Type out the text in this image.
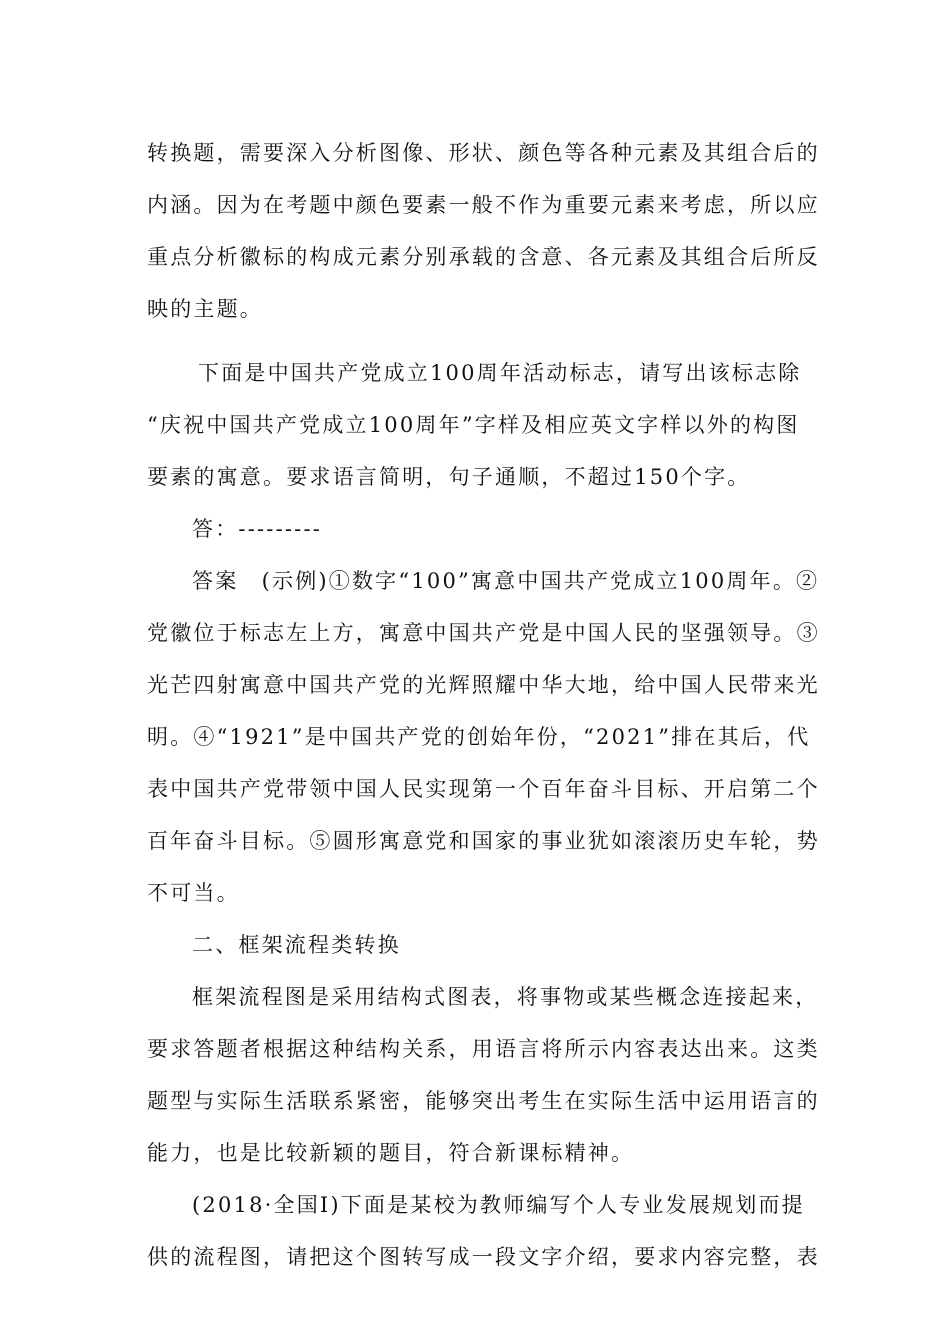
转换题，需要深入分析图像、形状、颜色等各种元素及其组合后的
内涵。因为在考题中颜色要素一般不作为重要元素来考虑，所以应
重点分析徽标的构成元素分别承载的含意、各元素及其组合后所反
映的主题。
下面是中国共产党成立100周年活动标志，请写出该标志除
“庆祝中国共产党成立100周年”字样及相应英文字样以外的构图
要素的寓意。要求语言简明，句子通顺，不超过150个字。
答：---------
答案　(示例)①数字“100”寓意中国共产党成立100周年。②
党徽位于标志左上方，寓意中国共产党是中国人民的坚强领导。③
光芒四射寓意中国共产党的光辉照耀中华大地，给中国人民带来光
明。④“1921”是中国共产党的创始年份，“2021”排在其后，代
表中国共产党带领中国人民实现第一个百年奋斗目标、开启第二个
百年奋斗目标。⑤圆形寓意党和国家的事业犹如滚滚历史车轮，势
不可当。
二、框架流程类转换
框架流程图是采用结构式图表，将事物或某些概念连接起来，
要求答题者根据这种结构关系，用语言将所示内容表达出来。这类
题型与实际生活联系紧密，能够突出考生在实际生活中运用语言的
能力，也是比较新颖的题目，符合新课标精神。
(2018·全国Ⅰ)下面是某校为教师编写个人专业发展规划而提
供的流程图，请把这个图转写成一段文字介绍，要求内容完整，表
